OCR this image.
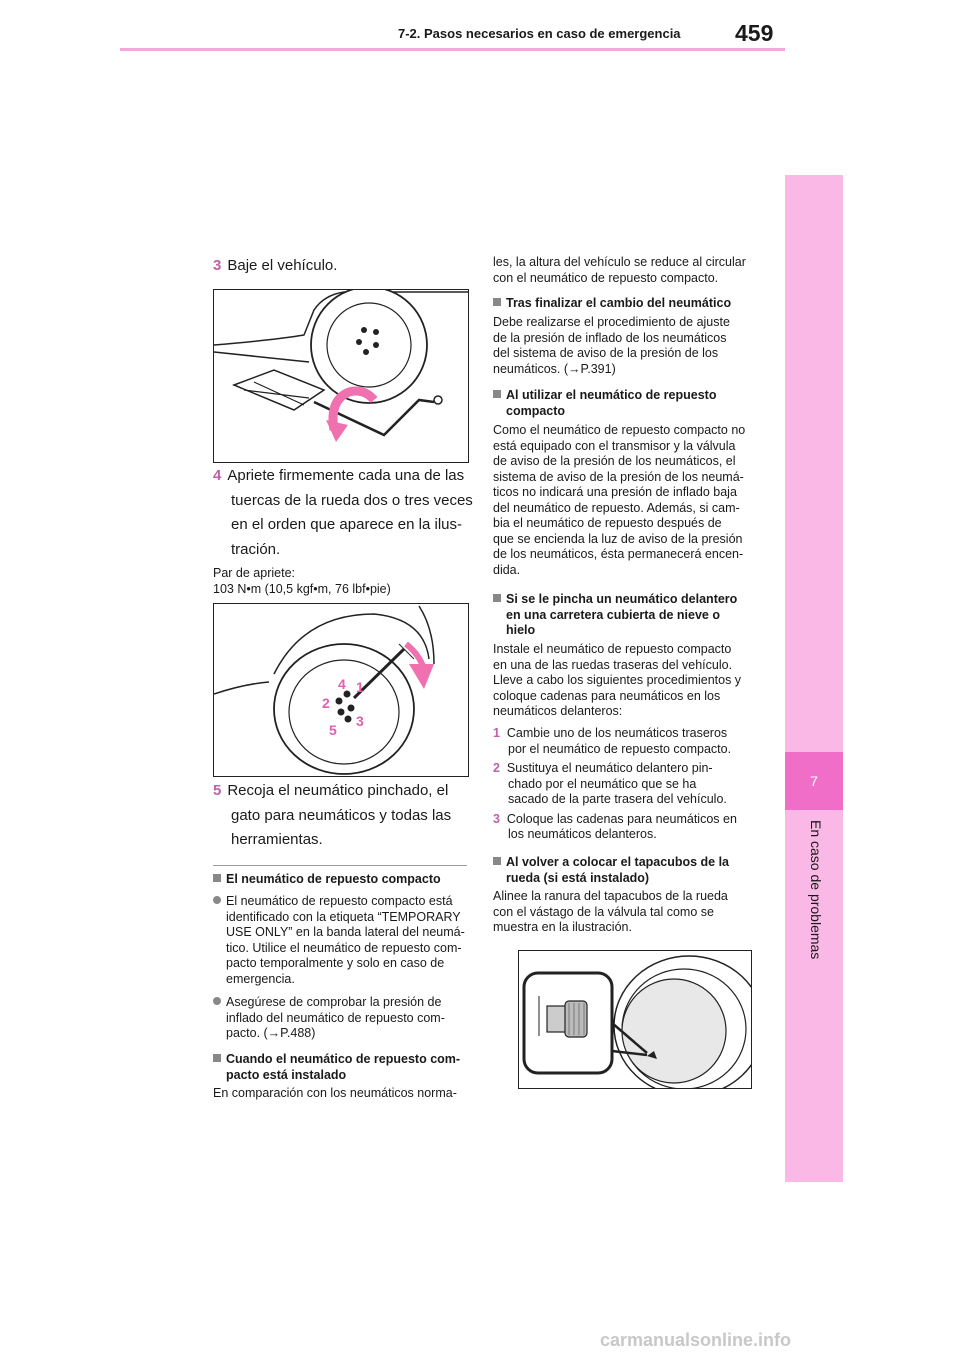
7-2. Pasos necesarios en caso de emergencia 459
7
En caso de problemas
3 Baje el vehículo.
4 Apriete firmemente cada una de las
tuercas de la rueda dos o tres veces
en el orden que aparece en la ilus-
tración.
Par de apriete:
103 N•m (10,5 kgf•m, 76 lbf•pie)
1
2
3
4
5
5 Recoja el neumático pinchado, el
gato para neumáticos y todas las
herramientas.
El neumático de repuesto compacto
El neumático de repuesto compacto está
identificado con la etiqueta “TEMPORARY
USE ONLY” en la banda lateral del neumá-
tico. Utilice el neumático de repuesto com-
pacto temporalmente y solo en caso de
emergencia.
Asegúrese de comprobar la presión de
inflado del neumático de repuesto com-
pacto. (→P.488)
Cuando el neumático de repuesto com-
pacto está instalado
En comparación con los neumáticos norma-
les, la altura del vehículo se reduce al circular
con el neumático de repuesto compacto.
Tras finalizar el cambio del neumático
Debe realizarse el procedimiento de ajuste
de la presión de inflado de los neumáticos
del sistema de aviso de la presión de los
neumáticos. (→P.391)
Al utilizar el neumático de repuesto
compacto
Como el neumático de repuesto compacto no
está equipado con el transmisor y la válvula
de aviso de la presión de los neumáticos, el
sistema de aviso de la presión de los neumá-
ticos no indicará una presión de inflado baja
del neumático de repuesto. Además, si cam-
bia el neumático de repuesto después de
que se encienda la luz de aviso de la presión
de los neumáticos, ésta permanecerá encen-
dida.
Si se le pincha un neumático delantero
en una carretera cubierta de nieve o
hielo
Instale el neumático de repuesto compacto
en una de las ruedas traseras del vehículo.
Lleve a cabo los siguientes procedimientos y
coloque cadenas para neumáticos en los
neumáticos delanteros:
1 Cambie uno de los neumáticos traseros
por el neumático de repuesto compacto.
2 Sustituya el neumático delantero pin-
chado por el neumático que se ha
sacado de la parte trasera del vehículo.
3 Coloque las cadenas para neumáticos en
los neumáticos delanteros.
Al volver a colocar el tapacubos de la
rueda (si está instalado)
Alinee la ranura del tapacubos de la rueda
con el vástago de la válvula tal como se
muestra en la ilustración.
carmanualsonline.info
